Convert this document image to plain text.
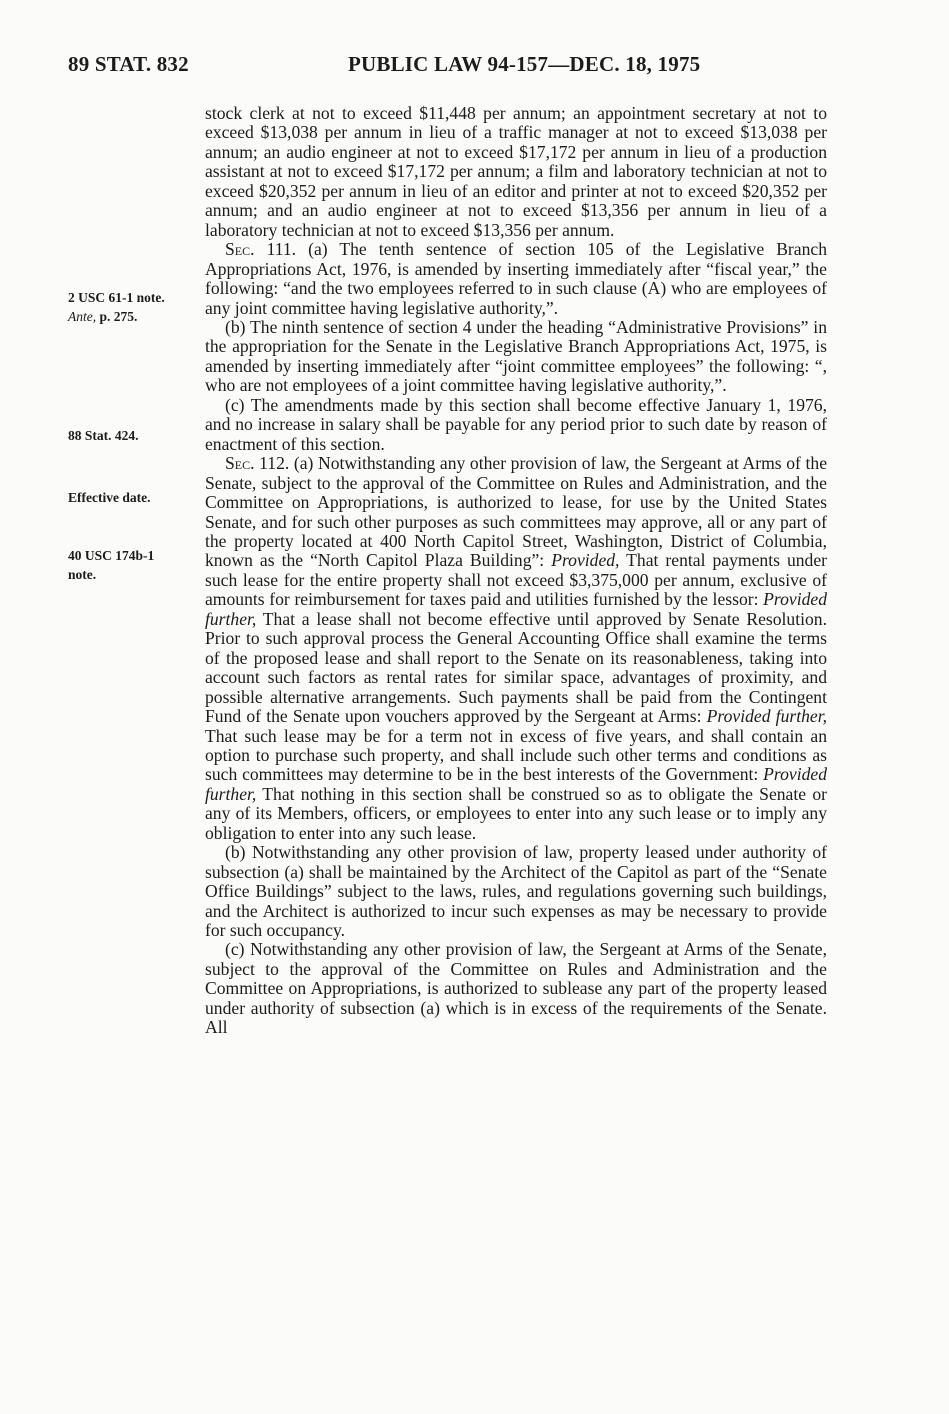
89 STAT. 832	PUBLIC LAW 94-157—DEC. 18, 1975
2 USC 61-1 note.
Ante, p. 275.
88 Stat. 424.
Effective date.
40 USC 174b-1
note.

stock clerk at not to exceed $11,448 per annum; an appointment secretary at not to exceed $13,038 per annum in lieu of a traffic manager at not to exceed $13,038 per annum; an audio engineer at not to exceed $17,172 per annum in lieu of a production assistant at not to exceed $17,172 per annum; a film and laboratory technician at not to exceed $20,352 per annum in lieu of an editor and printer at not to exceed $20,352 per annum; and an audio engineer at not to exceed $13,356 per annum in lieu of a laboratory technician at not to exceed $13,356 per annum.

Sec. 111. (a) The tenth sentence of section 105 of the Legislative Branch Appropriations Act, 1976, is amended by inserting immediately after “fiscal year,” the following: “and the two employees referred to in such clause (A) who are employees of any joint committee having legislative authority,”.

(b) The ninth sentence of section 4 under the heading “Administrative Provisions” in the appropriation for the Senate in the Legislative Branch Appropriations Act, 1975, is amended by inserting immediately after “joint committee employees” the following: “, who are not employees of a joint committee having legislative authority,”.

(c) The amendments made by this section shall become effective January 1, 1976, and no increase in salary shall be payable for any period prior to such date by reason of enactment of this section.

Sec. 112. (a) Notwithstanding any other provision of law, the Sergeant at Arms of the Senate, subject to the approval of the Committee on Rules and Administration, and the Committee on Appropriations, is authorized to lease, for use by the United States Senate, and for such other purposes as such committees may approve, all or any part of the property located at 400 North Capitol Street, Washington, District of Columbia, known as the “North Capitol Plaza Building”: Provided, That rental payments under such lease for the entire property shall not exceed $3,375,000 per annum, exclusive of amounts for reimbursement for taxes paid and utilities furnished by the lessor: Provided further, That a lease shall not become effective until approved by Senate Resolution. Prior to such approval process the General Accounting Office shall examine the terms of the proposed lease and shall report to the Senate on its reasonableness, taking into account such factors as rental rates for similar space, advantages of proximity, and possible alternative arrangements. Such payments shall be paid from the Contingent Fund of the Senate upon vouchers approved by the Sergeant at Arms: Provided further, That such lease may be for a term not in excess of five years, and shall contain an option to purchase such property, and shall include such other terms and conditions as such committees may determine to be in the best interests of the Government: Provided further, That nothing in this section shall be construed so as to obligate the Senate or any of its Members, officers, or employees to enter into any such lease or to imply any obligation to enter into any such lease.

(b) Notwithstanding any other provision of law, property leased under authority of subsection (a) shall be maintained by the Architect of the Capitol as part of the “Senate Office Buildings” subject to the laws, rules, and regulations governing such buildings, and the Architect is authorized to incur such expenses as may be necessary to provide for such occupancy.

(c) Notwithstanding any other provision of law, the Sergeant at Arms of the Senate, subject to the approval of the Committee on Rules and Administration and the Committee on Appropriations, is authorized to sublease any part of the property leased under authority of subsection (a) which is in excess of the requirements of the Senate. All
